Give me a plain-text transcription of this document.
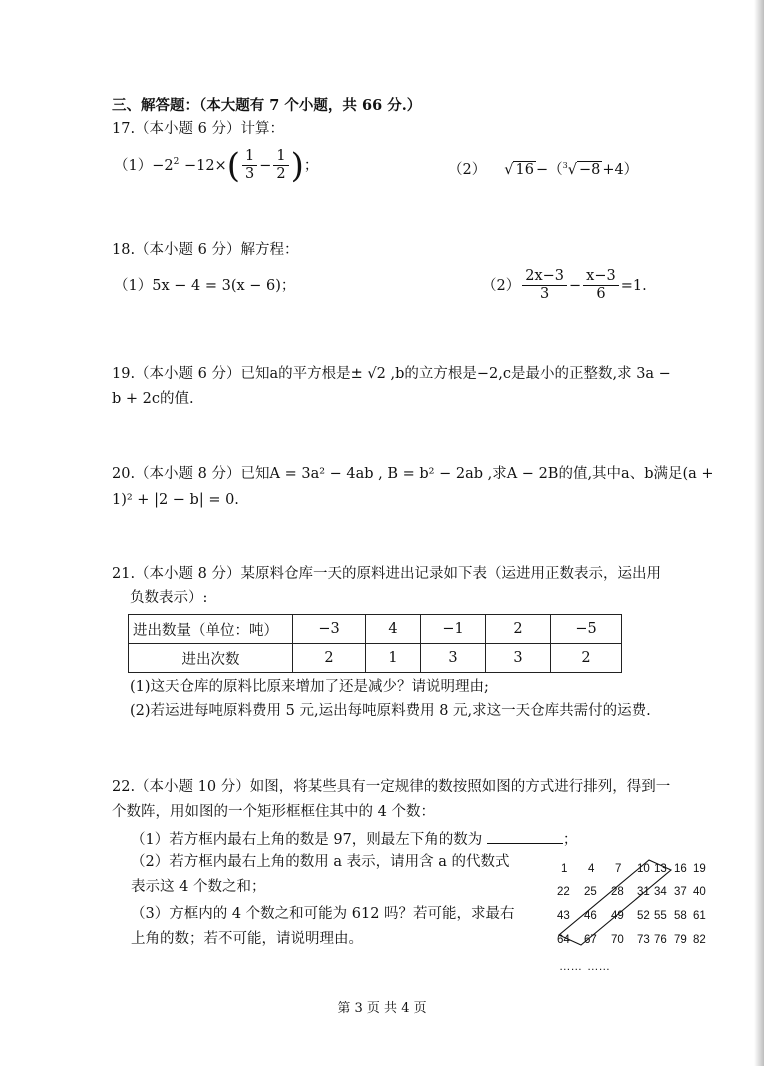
三、解答题：（本大题有 7 个小题，共 66 分.）
17.（本小题 6 分）计算：
$(1)-2^2 -12\times( \frac{1}{3} - \frac{1}{2}$ )；	（2） √ 16 −（$^3$√ −8 +4）
18.（本小题 6 分）解方程：
（1）5x − 4 = 3(x − 6)；	$(2) \frac{2x-3}{3} - \frac{x-3}{6} =1$.
19.（本小题 6 分）已知a的平方根是± √2 ,b的立方根是−2,c是最小的正整数,求 3a −
b + 2c的值.
20.（本小题 8 分）已知A = 3a² − 4ab , B = b² − 2ab ,求A − 2B的值,其中a、b满足(a +
1)² + |2 − b| = 0.
21.（本小题 8 分）某原料仓库一天的原料进出记录如下表（运进用正数表示，运出用
负数表示）:
进出数量（单位：吨）	−3	4	−1	2	−5
进出次数	2	1	3	3	2
(1)这天仓库的原料比原来增加了还是减少？请说明理由;
(2)若运进每吨原料费用 5 元,运出每吨原料费用 8 元,求这一天仓库共需付的运费.
22.（本小题 10 分）如图，将某些具有一定规律的数按照如图的方式进行排列，得到一
个数阵，用如图的一个矩形框框住其中的 4 个数：
（1）若方框内最右上角的数是 97，则最左下角的数为	；
（2）若方框内最右上角的数用 a 表示，请用含 a 的代数式
表示这 4 个数之和；
（3）方框内的 4 个数之和可能为 612 吗？若可能，求最右
上角的数；若不可能，请说明理由。
1 4 7 10 13 16 19
22 25 28 31 34 37 40
43 46 49 52 55 58 61
64 67 70 73 76 79 82
…… ……
第 3 页 共 4 页
